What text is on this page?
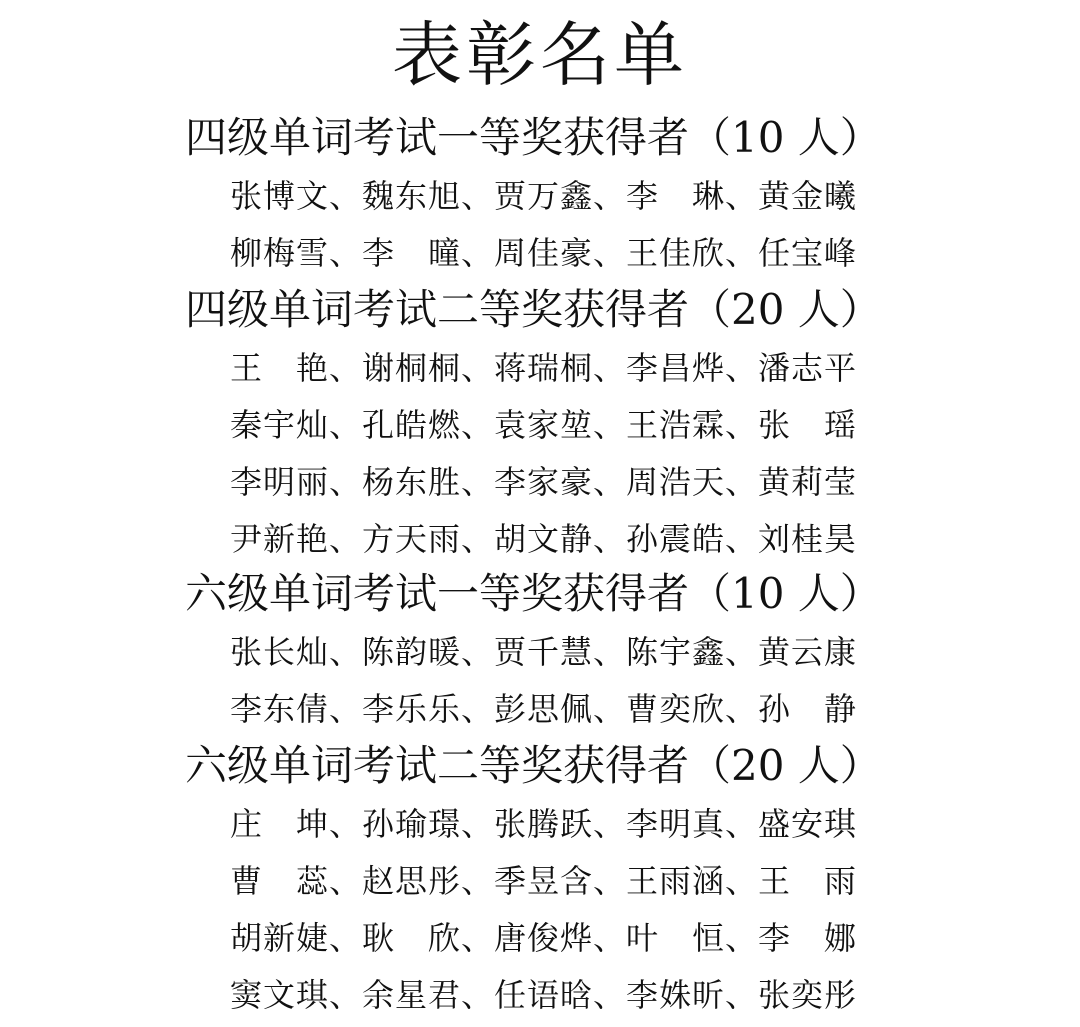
表彰名单
四级单词考试一等奖获得者（10 人）
张博文、魏东旭、贾万鑫、李　琳、黄金曦
柳梅雪、李　曈、周佳豪、王佳欣、任宝峰
四级单词考试二等奖获得者（20 人）
王　艳、谢桐桐、蒋瑞桐、李昌烨、潘志平
秦宇灿、孔皓燃、袁家堃、王浩霖、张　瑶
李明丽、杨东胜、李家豪、周浩天、黄莉莹
尹新艳、方天雨、胡文静、孙震皓、刘桂昊
六级单词考试一等奖获得者（10 人）
张长灿、陈韵暖、贾千慧、陈宇鑫、黄云康
李东倩、李乐乐、彭思佩、曹奕欣、孙　静
六级单词考试二等奖获得者（20 人）
庄　坤、孙瑜璟、张腾跃、李明真、盛安琪
曹　蕊、赵思彤、季昱含、王雨涵、王　雨
胡新婕、耿　欣、唐俊烨、叶　恒、李　娜
窦文琪、余星君、任语晗、李姝昕、张奕彤
